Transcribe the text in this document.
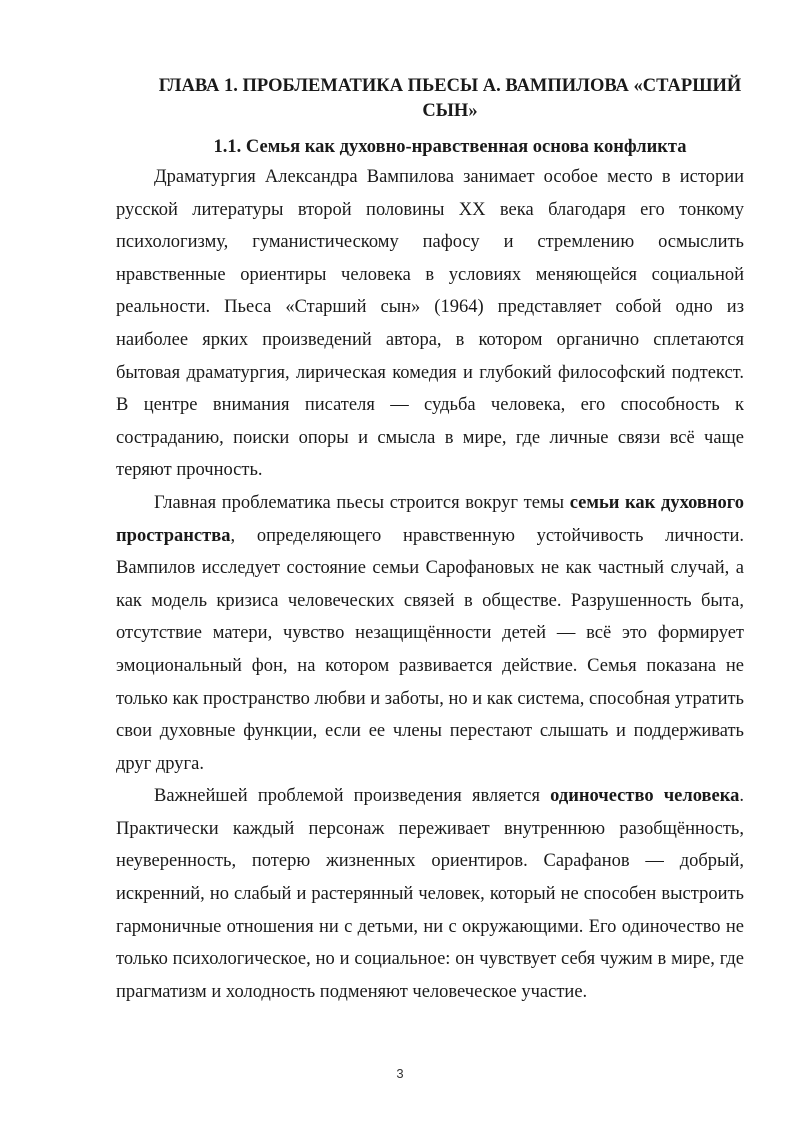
ГЛАВА 1. ПРОБЛЕМАТИКА ПЬЕСЫ А. ВАМПИЛОВА «СТАРШИЙ СЫН»
1.1. Семья как духовно-нравственная основа конфликта

Драматургия Александра Вампилова занимает особое место в истории русской литературы второй половины XX века благодаря его тонкому психологизму, гуманистическому пафосу и стремлению осмыслить нравственные ориентиры человека в условиях меняющейся социальной реальности. Пьеса «Старший сын» (1964) представляет собой одно из наиболее ярких произведений автора, в котором органично сплетаются бытовая драматургия, лирическая комедия и глубокий философский подтекст. В центре внимания писателя — судьба человека, его способность к состраданию, поиски опоры и смысла в мире, где личные связи всё чаще теряют прочность.

Главная проблематика пьесы строится вокруг темы семьи как духовного пространства, определяющего нравственную устойчивость личности. Вампилов исследует состояние семьи Сарофановых не как частный случай, а как модель кризиса человеческих связей в обществе. Разрушенность быта, отсутствие матери, чувство незащищённости детей — всё это формирует эмоциональный фон, на котором развивается действие. Семья показана не только как пространство любви и заботы, но и как система, способная утратить свои духовные функции, если ее члены перестают слышать и поддерживать друг друга.

Важнейшей проблемой произведения является одиночество человека. Практически каждый персонаж переживает внутреннюю разобщённость, неуверенность, потерю жизненных ориентиров. Сарафанов — добрый, искренний, но слабый и растерянный человек, который не способен выстроить гармоничные отношения ни с детьми, ни с окружающими. Его одиночество не только психологическое, но и социальное: он чувствует себя чужим в мире, где прагматизм и холодность подменяют человеческое участие.

3
